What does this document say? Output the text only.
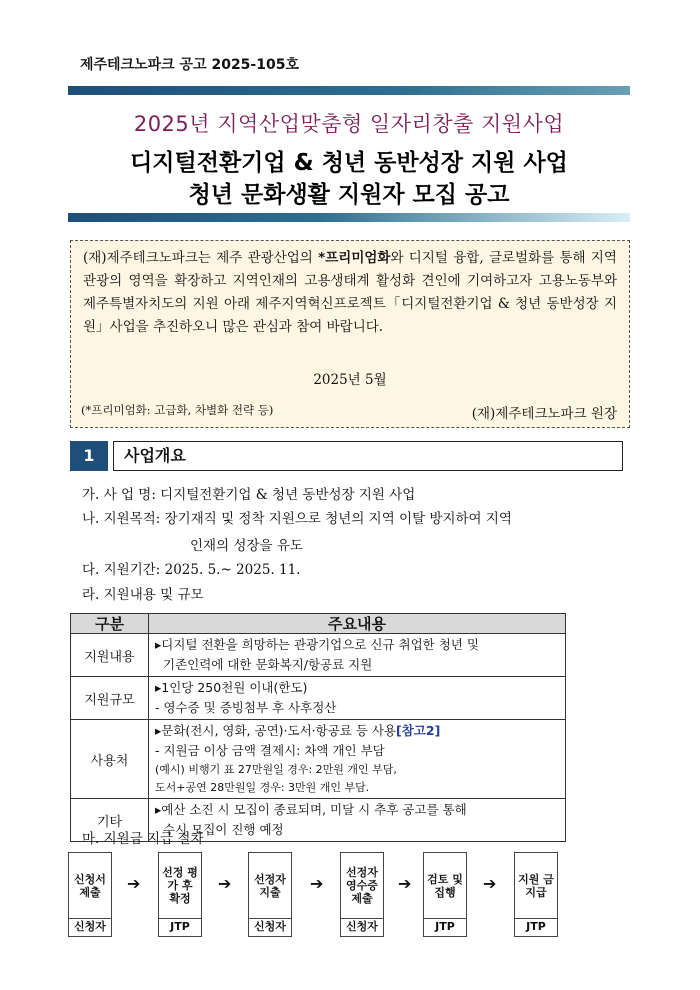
제주테크노파크 공고 2025-105호
2025년 지역산업맞춤형 일자리창출 지원사업
디지털전환기업 & 청년 동반성장 지원 사업
청년 문화생활 지원자 모집 공고

(재)제주테크노파크는 제주 관광산업의 *프리미엄화와 디지털 융합, 글로벌화를 통해 지역관광의 영역을 확장하고 지역인재의 고용생태계 활성화 견인에 기여하고자 고용노동부와 제주특별자치도의 지원 아래 제주지역혁신프로젝트「디지털전환기업 & 청년 동반성장 지원」사업을 추진하오니 많은 관심과 참여 바랍니다.

2025년 5월
(*프리미엄화: 고급화, 차별화 전략 등)	(재)제주테크노파크 원장
1	사업개요
가. 사 업 명: 디지털전환기업 & 청년 동반성장 지원 사업
나. 지원목적: 장기재직 및 정착 지원으로 청년의 지역 이탈 방지하여 지역
인재의 성장을 유도
다. 지원기간: 2025. 5.~ 2025. 11.
라. 지원내용 및 규모
구분	주요내용
지원내용	▸디지털 전환을 희망하는 관광기업으로 신규 취업한 청년 및
기존인력에 대한 문화복지/항공료 지원

지원규모	▸1인당 250천원 이내(한도)
- 영수증 및 증빙첨부 후 사후정산

사용처	▸문화(전시, 영화, 공연)·도서·항공료 등 사용[참고2]
- 지원금 이상 금액 결제시: 차액 개인 부담
(예시) 비행기 표 27만원일 경우: 2만원 개인 부담,
도서+공연 28만원일 경우: 3만원 개인 부담.

기타	▸예산 소진 시 모집이 종료되며, 미달 시 추후 공고를 통해
수시 모집이 진행 예정
마. 지원금 지급 절차
신청서 제출
신청자
➔
선정 평가 후 확정
JTP
➔	선정자 지출
신청자
➔
선정자 영수증 제출
신청자
➔ 검토 및 집행
JTP
➔ 지원 금 지급
JTP
